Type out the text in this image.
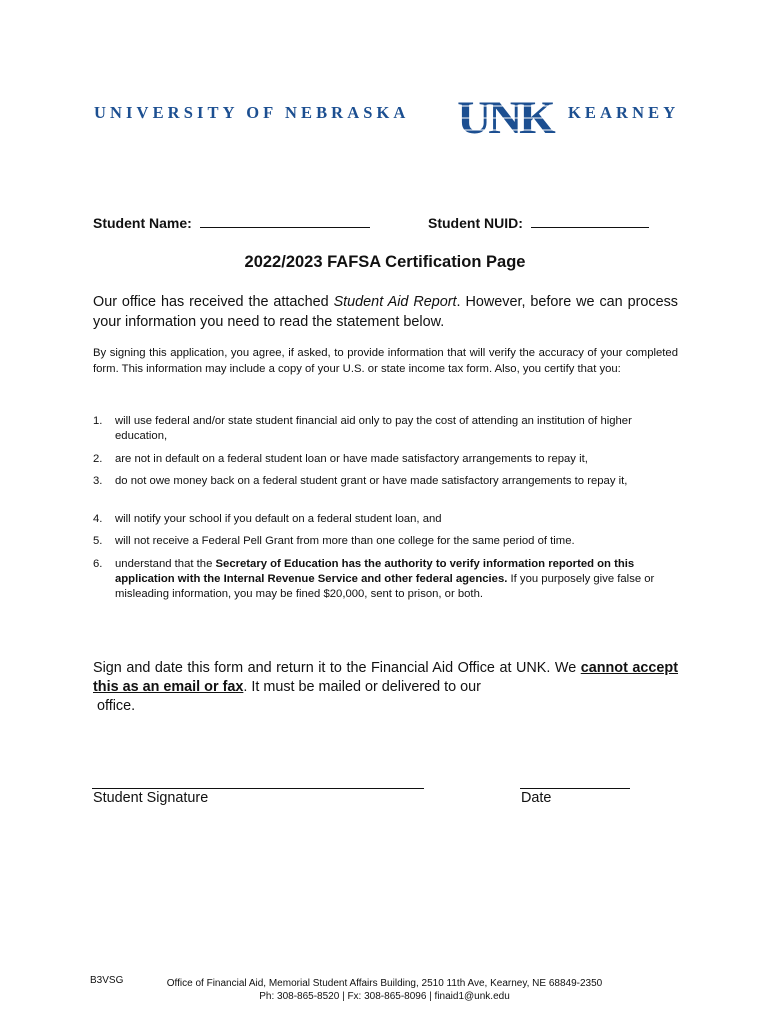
UNIVERSITY OF NEBRASKA UNK KEARNEY
Student Name:	Student NUID:
2022/2023 FAFSA Certification Page
Our office has received the attached Student Aid Report. However, before we can process your information you need to read the statement below.
By signing this application, you agree, if asked, to provide information that will verify the accuracy of your completed form. This information may include a copy of your U.S. or state income tax form. Also, you certify that you:
1. will use federal and/or state student financial aid only to pay the cost of attending an institution of higher education,
2. are not in default on a federal student loan or have made satisfactory arrangements to repay it,
3. do not owe money back on a federal student grant or have made satisfactory arrangements to repay it,
4. will notify your school if you default on a federal student loan, and
5. will not receive a Federal Pell Grant from more than one college for the same period of time.
6. understand that the Secretary of Education has the authority to verify information reported on this application with the Internal Revenue Service and other federal agencies. If you purposely give false or misleading information, you may be fined $20,000, sent to prison, or both.
Sign and date this form and return it to the Financial Aid Office at UNK. We cannot accept this as an email or fax. It must be mailed or delivered to our
office.
Student Signature	Date
B3VSG	Office of Financial Aid, Memorial Student Affairs Building, 2510 11th Ave, Kearney, NE 68849-2350
Ph: 308-865-8520 | Fx: 308-865-8096 | finaid1@unk.edu
